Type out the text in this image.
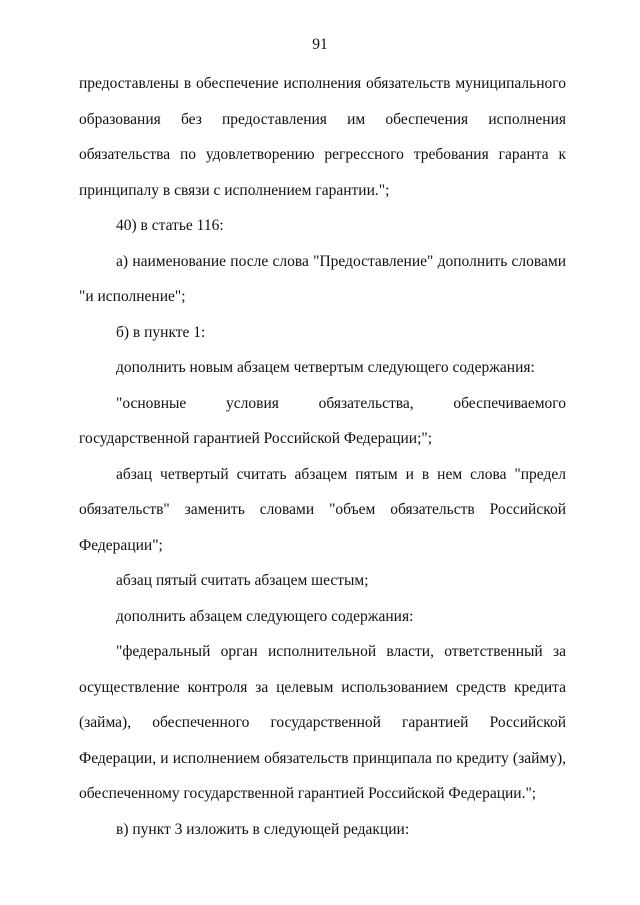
91

предоставлены в обеспечение исполнения обязательств муниципального образования без предоставления им обеспечения исполнения обязательства по удовлетворению регрессного требования гаранта к принципалу в связи с исполнением гарантии.";

40) в статье 116:

а) наименование после слова "Предоставление" дополнить словами "и исполнение";

б) в пункте 1:

дополнить новым абзацем четвертым следующего содержания:

"основные условия обязательства, обеспечиваемого государственной гарантией Российской Федерации;";

абзац четвертый считать абзацем пятым и в нем слова "предел обязательств" заменить словами "объем обязательств Российской Федерации";

абзац пятый считать абзацем шестым;

дополнить абзацем следующего содержания:

"федеральный орган исполнительной власти, ответственный за осуществление контроля за целевым использованием средств кредита (займа), обеспеченного государственной гарантией Российской Федерации, и исполнением обязательств принципала по кредиту (займу), обеспеченному государственной гарантией Российской Федерации.";

в) пункт 3 изложить в следующей редакции:
